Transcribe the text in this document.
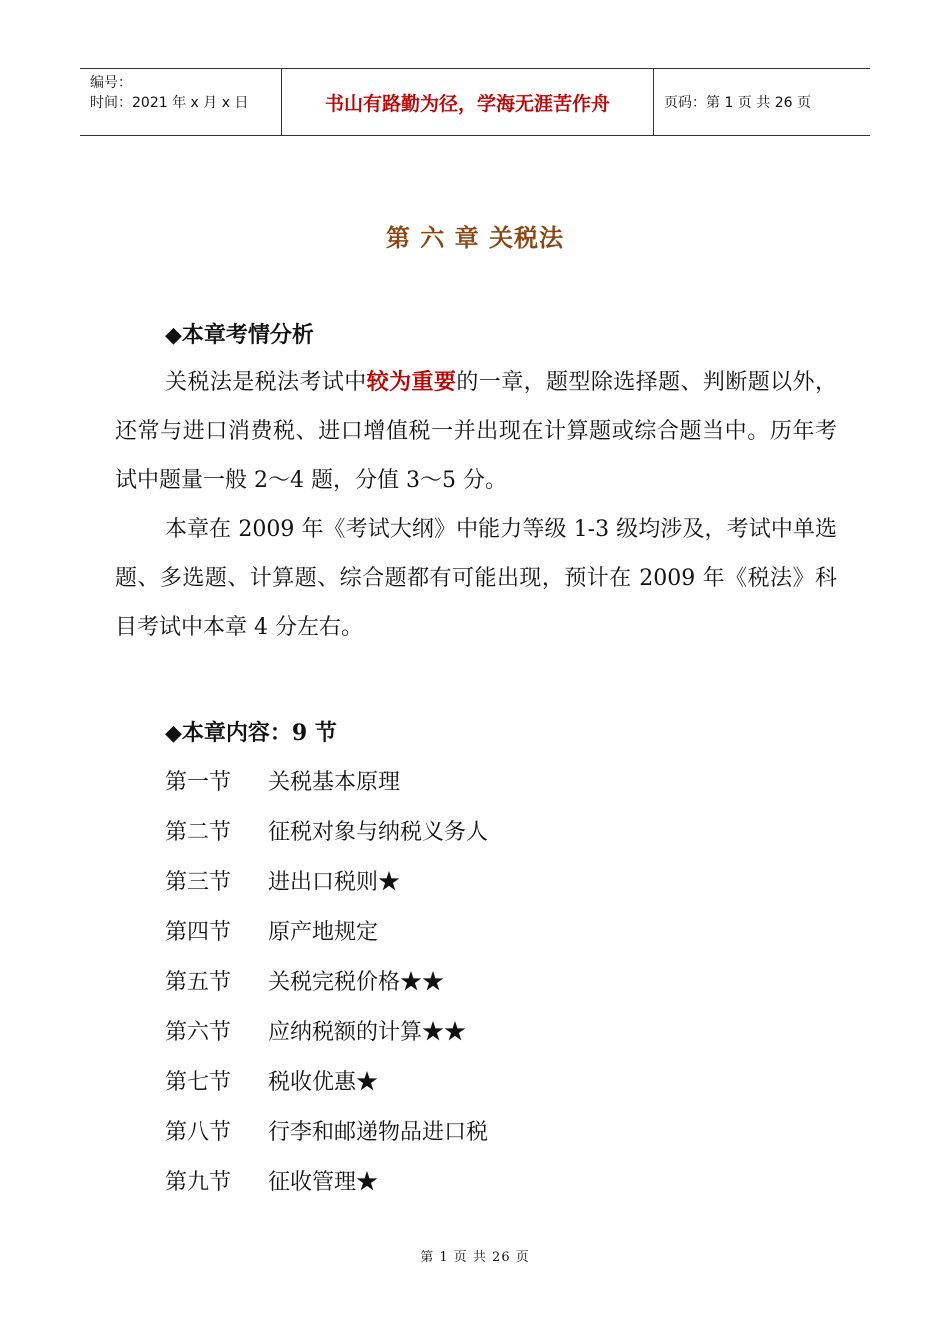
编号：
时间：2021 年 x 月 x 日	书山有路勤为径，学海无涯苦作舟	页码：第 1 页 共 26 页
第 六 章 关税法
◆本章考情分析

关税法是税法考试中较为重要的一章，题型除选择题、判断题以外，还常与进口消费税、进口增值税一并出现在计算题或综合题当中。历年考试中题量一般 2～4 题，分值 3～5 分。

本章在 2009 年《考试大纲》中能力等级 1-3 级均涉及，考试中单选题、多选题、计算题、综合题都有可能出现，预计在 2009 年《税法》科目考试中本章 4 分左右。

◆本章内容：9 节
第一节	关税基本原理
第二节	征税对象与纳税义务人
第三节	进出口税则★
第四节	原产地规定
第五节	关税完税价格★★
第六节	应纳税额的计算★★
第七节	税收优惠★
第八节	行李和邮递物品进口税
第九节	征收管理★
第 1 页 共 26 页
